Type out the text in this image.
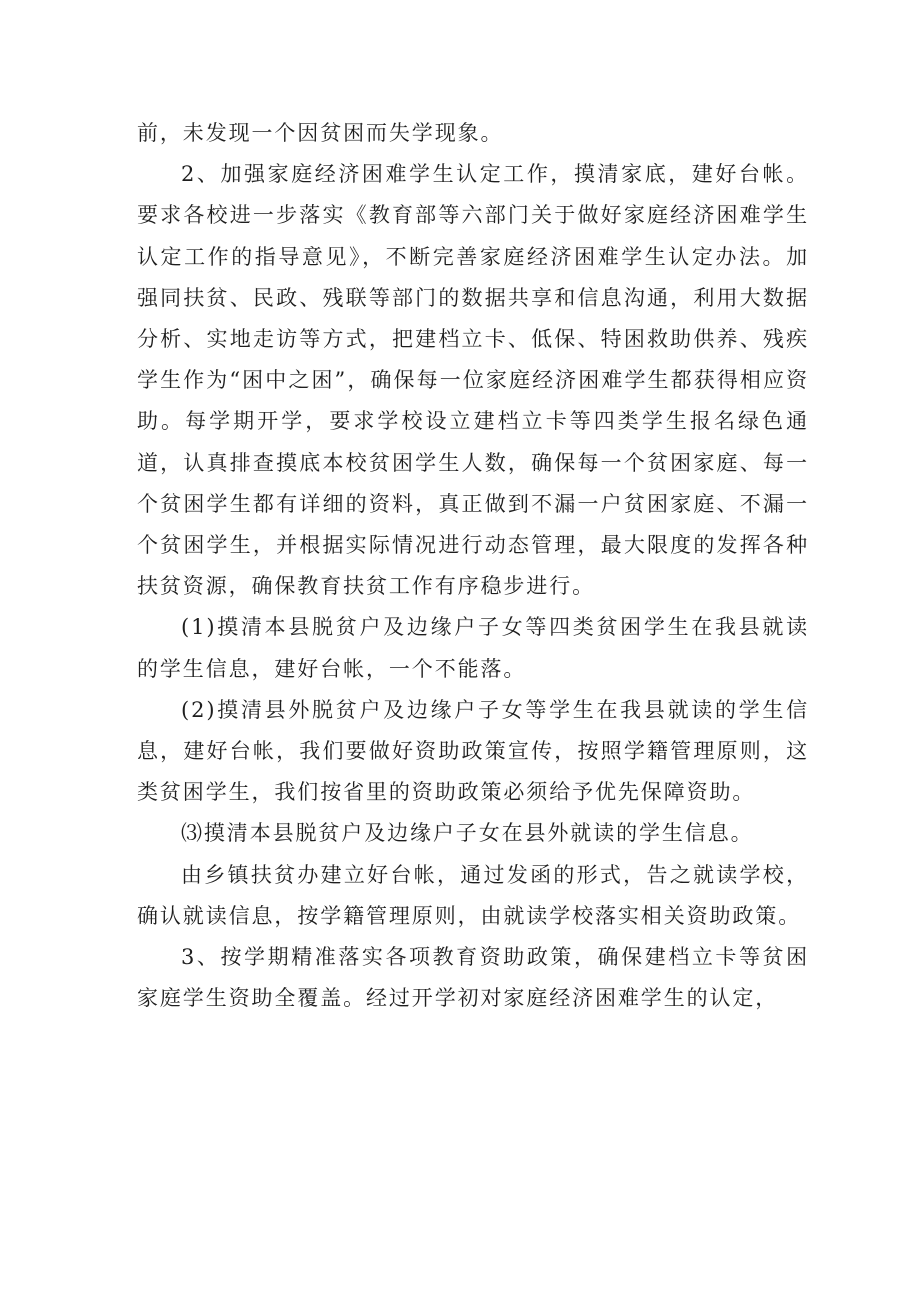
前，未发现一个因贫困而失学现象。

2、加强家庭经济困难学生认定工作，摸清家底，建好台帐。要求各校进一步落实《教育部等六部门关于做好家庭经济困难学生认定工作的指导意见》，不断完善家庭经济困难学生认定办法。加强同扶贫、民政、残联等部门的数据共享和信息沟通，利用大数据分析、实地走访等方式，把建档立卡、低保、特困救助供养、残疾学生作为“困中之困”，确保每一位家庭经济困难学生都获得相应资助。每学期开学，要求学校设立建档立卡等四类学生报名绿色通道，认真排查摸底本校贫困学生人数，确保每一个贫困家庭、每一个贫困学生都有详细的资料，真正做到不漏一户贫困家庭、不漏一个贫困学生，并根据实际情况进行动态管理，最大限度的发挥各种扶贫资源，确保教育扶贫工作有序稳步进行。

(1)摸清本县脱贫户及边缘户子女等四类贫困学生在我县就读的学生信息，建好台帐，一个不能落。

(2)摸清县外脱贫户及边缘户子女等学生在我县就读的学生信息，建好台帐，我们要做好资助政策宣传，按照学籍管理原则，这类贫困学生，我们按省里的资助政策必须给予优先保障资助。

⑶摸清本县脱贫户及边缘户子女在县外就读的学生信息。

由乡镇扶贫办建立好台帐，通过发函的形式，告之就读学校，确认就读信息，按学籍管理原则，由就读学校落实相关资助政策。

3、按学期精准落实各项教育资助政策，确保建档立卡等贫困家庭学生资助全覆盖。经过开学初对家庭经济困难学生的认定，
